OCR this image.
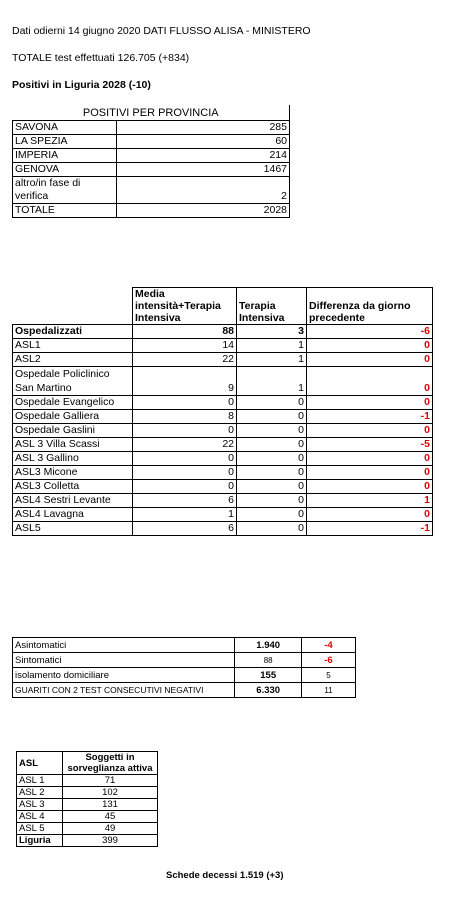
Dati odierni 14 giugno 2020 DATI FLUSSO ALISA - MINISTERO
TOTALE test effettuati 126.705 (+834)
Positivi in Liguria 2028 (-10)
POSITIVI PER PROVINCIA	
SAVONA	285
LA SPEZIA	60
IMPERIA	214
GENOVA	1467
altro/in fase di
verifica	2
TOTALE	2028
	Media intensità+Terapia Intensiva	Terapia Intensiva	Differenza da giorno precedente
Ospedalizzati	88	3	-6
ASL1	14	1	0
ASL2	22	1	0
Ospedale Policlinico San Martino	9	1	0
Ospedale Evangelico	0	0	0
Ospedale Galliera	8	0	-1
Ospedale Gaslini	0	0	0
ASL 3 Villa Scassi	22	0	-5
ASL 3 Gallino	0	0	0
ASL3 Micone	0	0	0
ASL3 Colletta	0	0	0
ASL4 Sestri Levante	6	0	1
ASL4 Lavagna	1	0	0
ASL5	6	0	-1
Asintomatici	1.940	-4
Sintomatici	88	-6
isolamento domiciliare	155	5
GUARITI CON 2 TEST CONSECUTIVI NEGATIVI	6.330	11
ASL	Soggetti in sorveglianza attiva
ASL 1	71
ASL 2	102
ASL 3	131
ASL 4	45
ASL 5	49
Liguria	399
Schede decessi 1.519 (+3)
